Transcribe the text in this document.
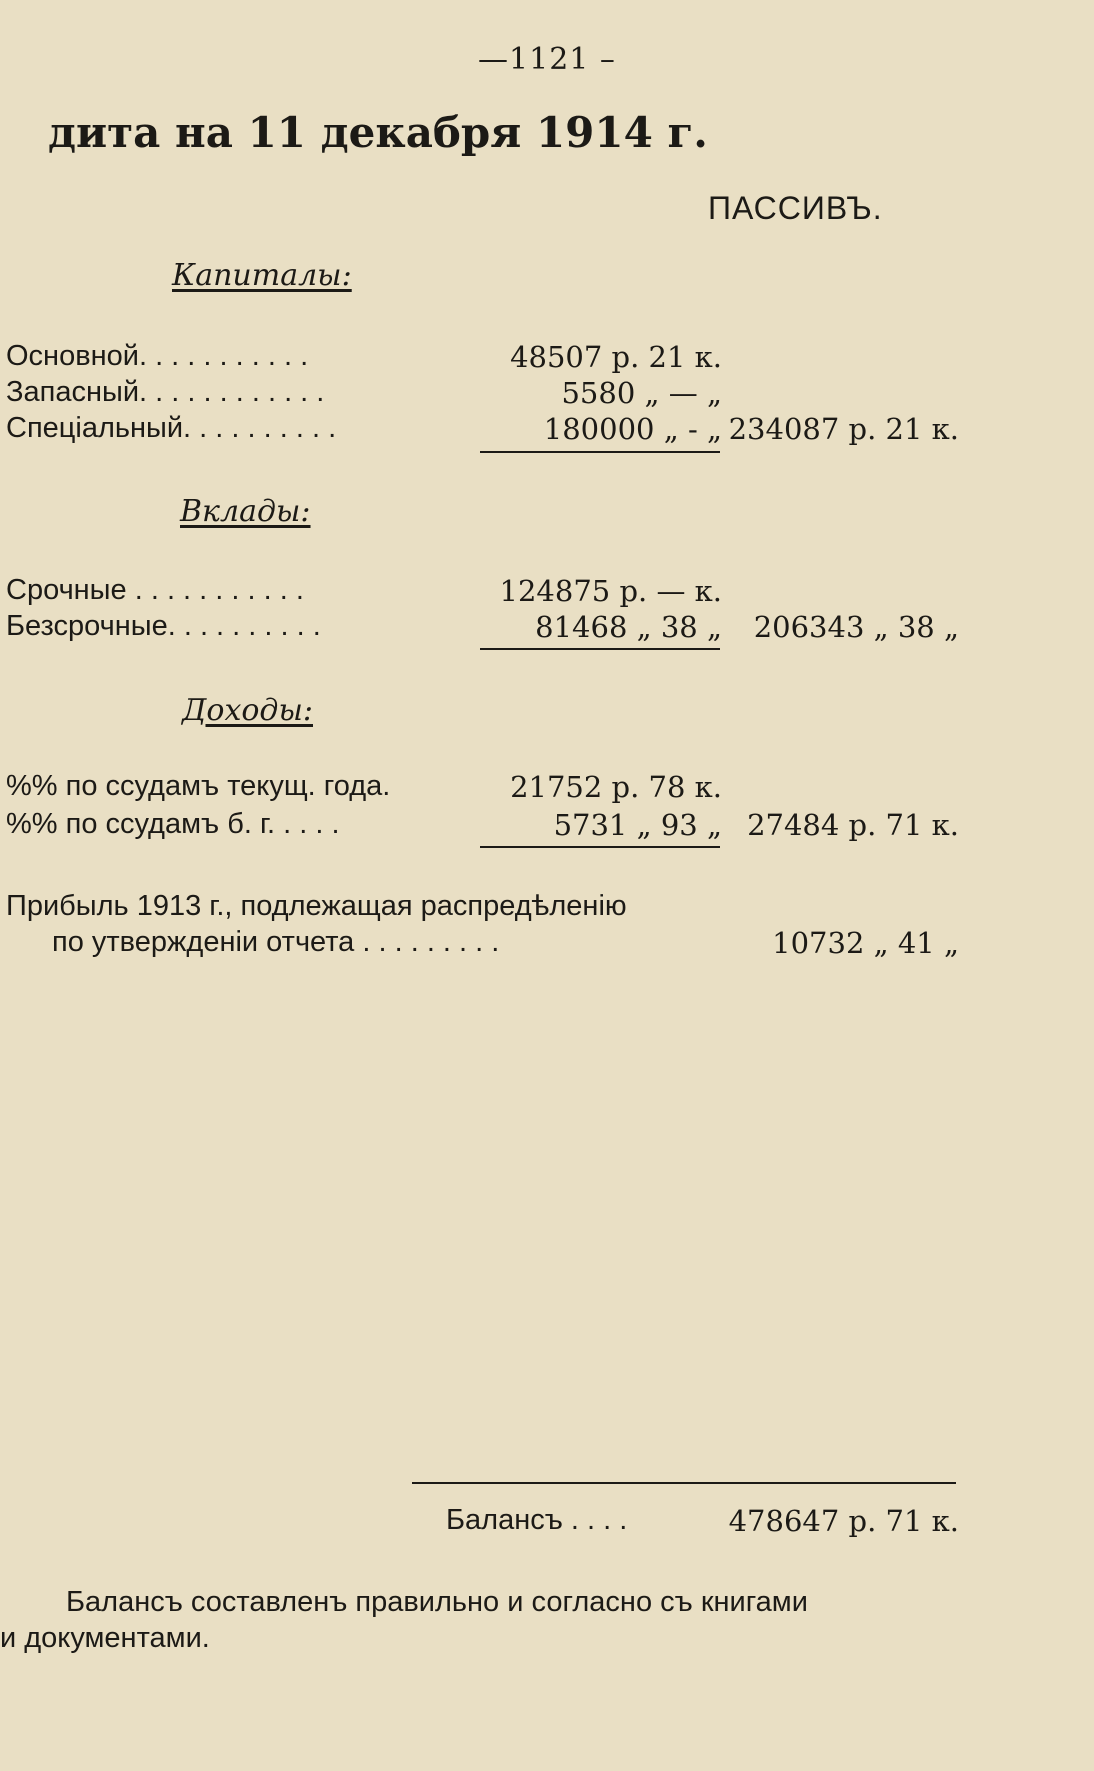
—1121 –
дита на 11 декабря 1914 г.
ПАССИВЪ.
Капиталы:
Основной. . . . . . . . . . .	48507 р. 21 к.
Запасный. . . . . . . . . . . .	5580 „ — „
Спеціальный. . . . . . . . . .	180000 „ - „ 234087 р. 21 к.
Вклады:
Срочные . . . . . . . . . . .	124875 р. — к.
Безсрочные. . . . . . . . . .	81468 „ 38 „ 206343 „ 38 „
Доходы:
%% по ссудамъ текущ. года.	21752 р. 78 к.
%% по ссудамъ б. г. . . . .	5731 „ 93 „ 27484 р. 71 к.
Прибыль 1913 г., подлежащая распредѣленію
по утвержденіи отчета . . . . . . . . .	10732 „ 41 „
Балансъ . . . .	478647 р. 71 к.
Балансъ составленъ правильно и согласно съ книгами
и документами.
